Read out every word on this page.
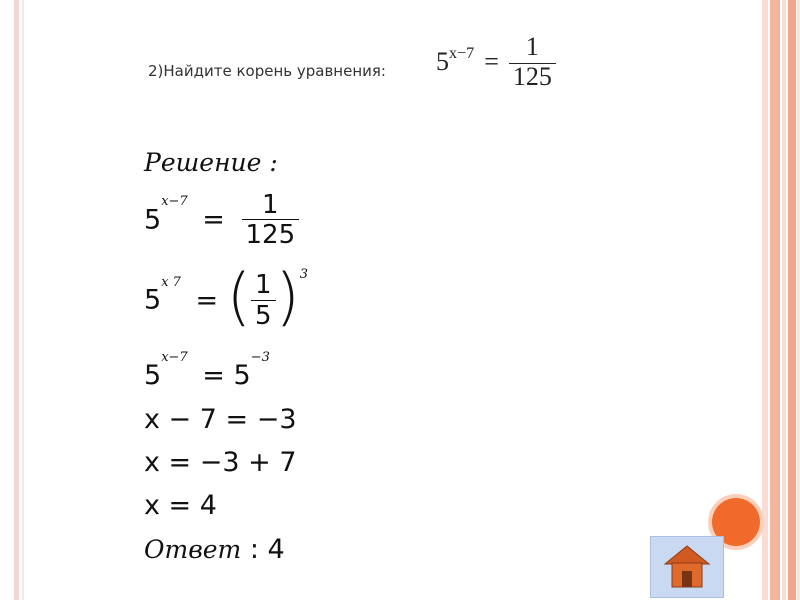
2)Найдите корень уравнения: $5^{x-7} = \frac{1}{125}$
Решение :
$5^{x-7} = \frac{1}{125}$
$5^{x 7}$ = ( $\frac{1}{5} )^3$
$5^{x-7} = 5^{-3}$
x − 7 = −3
x = −3 + 7
x = 4
Ответ : 4
